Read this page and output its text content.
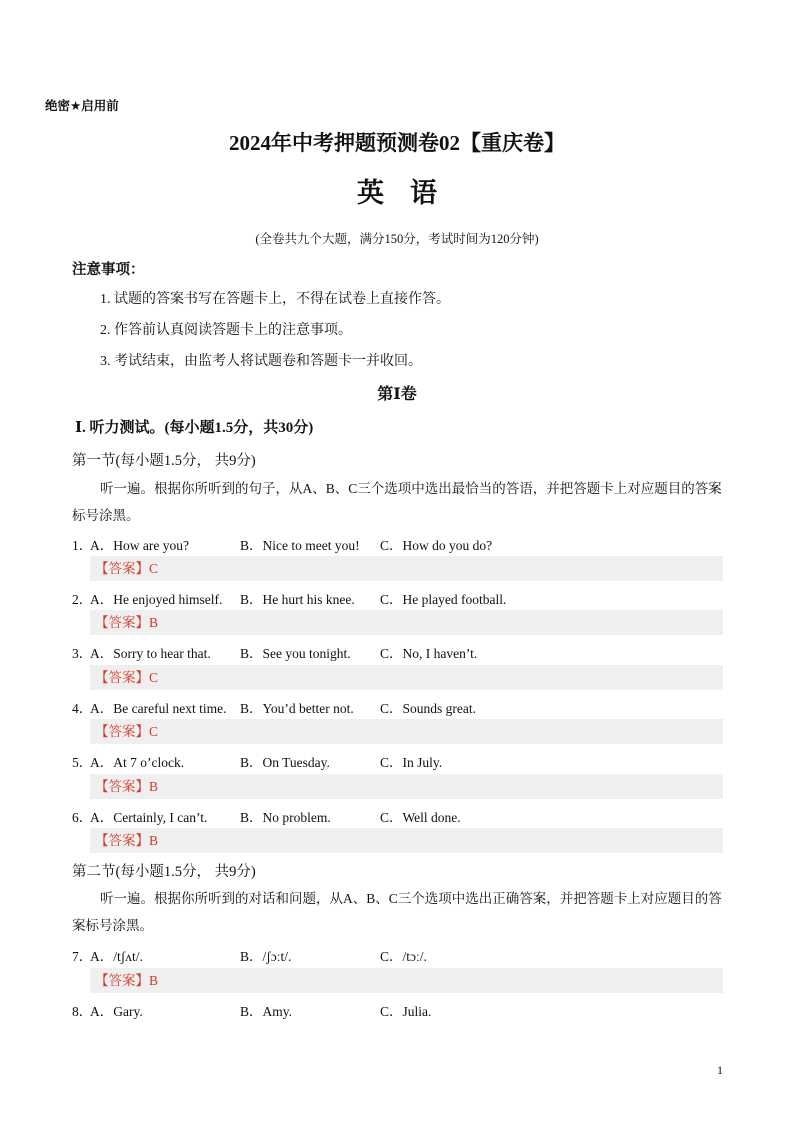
绝密★启用前
2024年中考押题预测卷02【重庆卷】
英语
(全卷共九个大题，满分150分，考试时间为120分钟)
注意事项：
1. 试题的答案书写在答题卡上，不得在试卷上直接作答。
2. 作答前认真阅读答题卡上的注意事项。
3. 考试结束，由监考人将试题卷和答题卡一并收回。
第Ⅰ卷
Ⅰ. 听力测试。(每小题1.5分，共30分)
第一节(每小题1.5分， 共9分)
听一遍。根据你所听到的句子，从A、B、C三个选项中选出最恰当的答语，并把答题卡上对应题目的答案标号涂黑。
1．
A．How are you?	B．Nice to meet you! C．How do you do?
【答案】C
2．
A．He enjoyed himself. B．He hurt his knee. C．He played football.
【答案】B
3．
A．Sorry to hear that. B．See you tonight. C．No, I haven’t.
【答案】C
4．
A．Be careful next time. B．You’d better not. C．Sounds great.
【答案】C
5．
A．At 7 o’clock.	B．On Tuesday.	C．In July.
【答案】B
6．
A．Certainly, I can’t. B．No problem.	C．Well done.
【答案】B
第二节(每小题1.5分， 共9分)
听一遍。根据你所听到的对话和问题，从A、B、C三个选项中选出正确答案，并把答题卡上对应题目的答案标号涂黑。
7．
A．/tʃʌt/.	B．/ʃɔːt/.	C．/tɔː/.
【答案】B
8．
A．Gary.	B．Amy.	C．Julia.
1
